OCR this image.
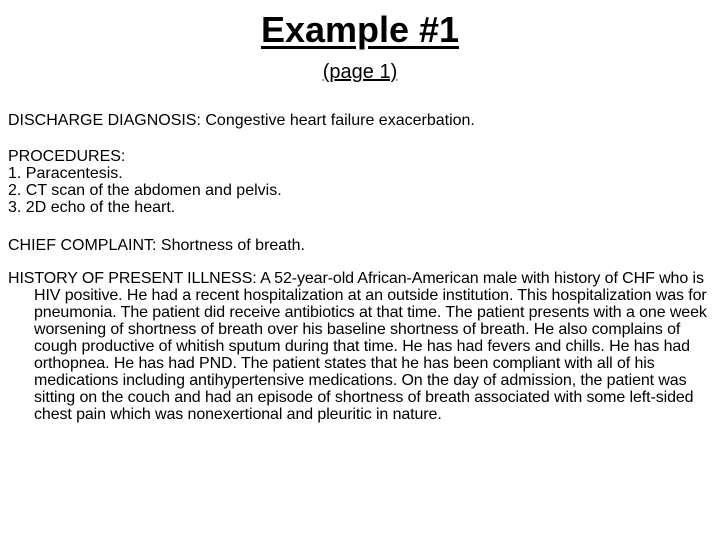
Example #1
(page 1)

DISCHARGE DIAGNOSIS: Congestive heart failure exacerbation.

PROCEDURES:
1. Paracentesis.
2. CT scan of the abdomen and pelvis.
3. 2D echo of the heart.

CHIEF COMPLAINT: Shortness of breath.

HISTORY OF PRESENT ILLNESS: A 52-year-old African-American male with history of CHF who is HIV positive. He had a recent hospitalization at an outside institution. This hospitalization was for pneumonia. The patient did receive antibiotics at that time. The patient presents with a one week worsening of shortness of breath over his baseline shortness of breath. He also complains of cough productive of whitish sputum during that time. He has had fevers and chills. He has had orthopnea. He has had PND. The patient states that he has been compliant with all of his medications including antihypertensive medications. On the day of admission, the patient was sitting on the couch and had an episode of shortness of breath associated with some left-sided chest pain which was nonexertional and pleuritic in nature.
